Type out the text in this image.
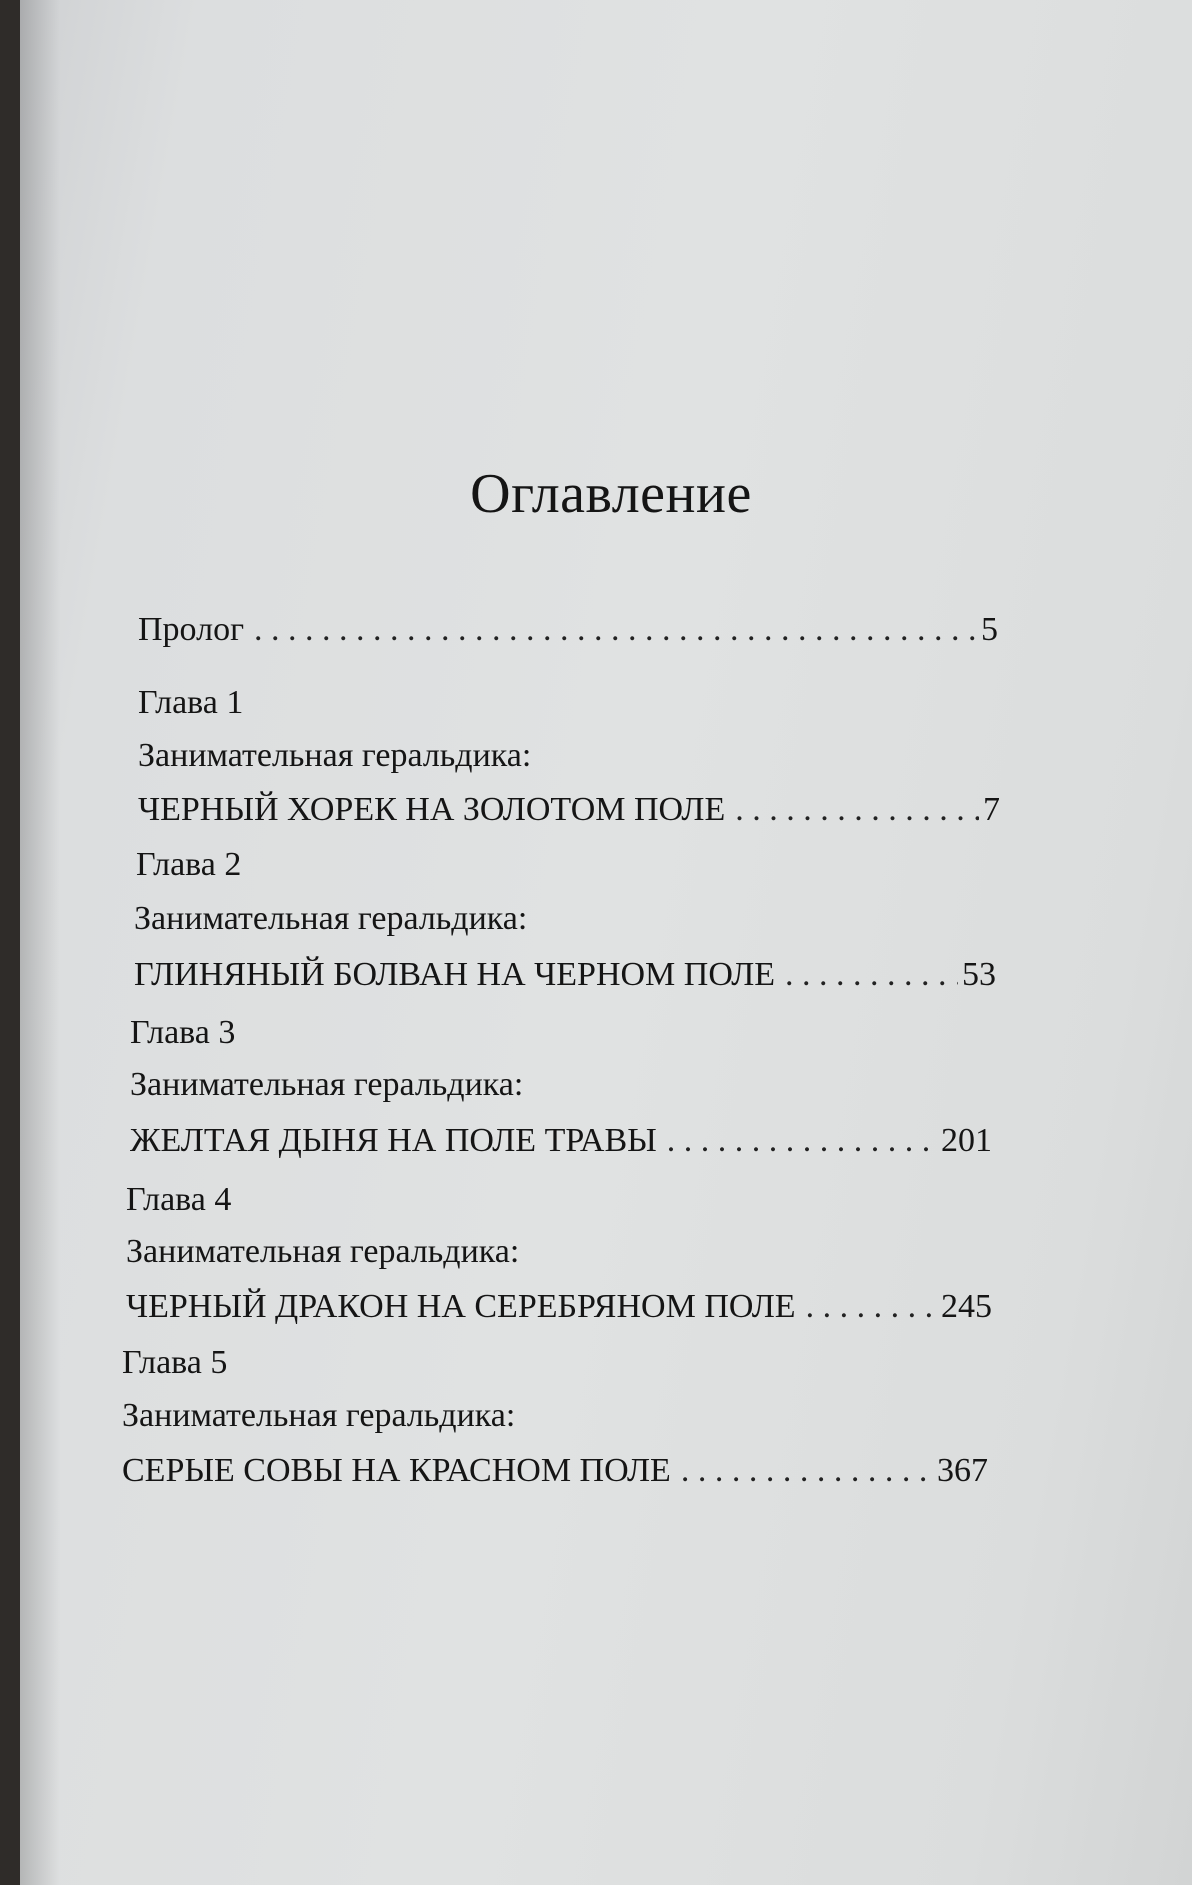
Оглавление
Пролог . . .	5
Глава 1
Занимательная геральдика:
ЧЕРНЫЙ ХОРЕК НА ЗОЛОТОМ ПОЛЕ . . .	7
Глава 2
Занимательная геральдика:
ГЛИНЯНЫЙ БОЛВАН НА ЧЕРНОМ ПОЛЕ . . .	53
Глава 3
Занимательная геральдика:
ЖЕЛТАЯ ДЫНЯ НА ПОЛЕ ТРАВЫ . . .	201
Глава 4
Занимательная геральдика:
ЧЕРНЫЙ ДРАКОН НА СЕРЕБРЯНОМ ПОЛЕ . . .	245
Глава 5
Занимательная геральдика:
СЕРЫЕ СОВЫ НА КРАСНОМ ПОЛЕ . . .	367
